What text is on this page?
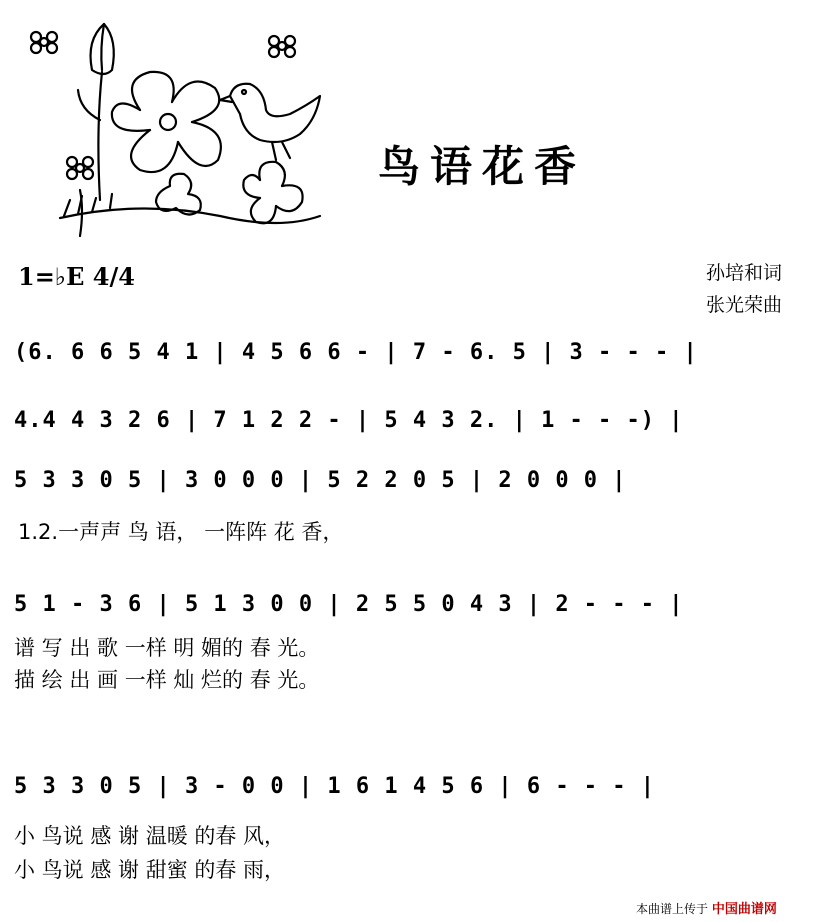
鸟语花香
1=♭E 4/4	孙培和词
张光荣曲
(6. 6 6 5 4 1 | 4 5 6 6 - | 7 - 6. 5 | 3 - - - |
4.4 4 3 2 6 | 7 1 2 2 - | 5 4 3 2. | 1 - - -) |
5 3 3 0 5 | 3 0 0 0 | 5 2 2 0 5 | 2 0 0 0 |
1.2.一声声 鸟 语， 一阵阵 花 香，
5 1 - 3 6 | 5 1 3 0 0 | 2 5 5 0 4 3 | 2 - - - |
谱 写 出 歌 一样 明 媚的 春 光。
描 绘 出 画 一样 灿 烂的 春 光。
5 3 3 0 5 | 3 - 0 0 | 1 6 1 4 5 6 | 6 - - - |
小 鸟说 感 谢 温暖 的春 风，
小 鸟说 感 谢 甜蜜 的春 雨，
本曲谱上传于 中国曲谱网
